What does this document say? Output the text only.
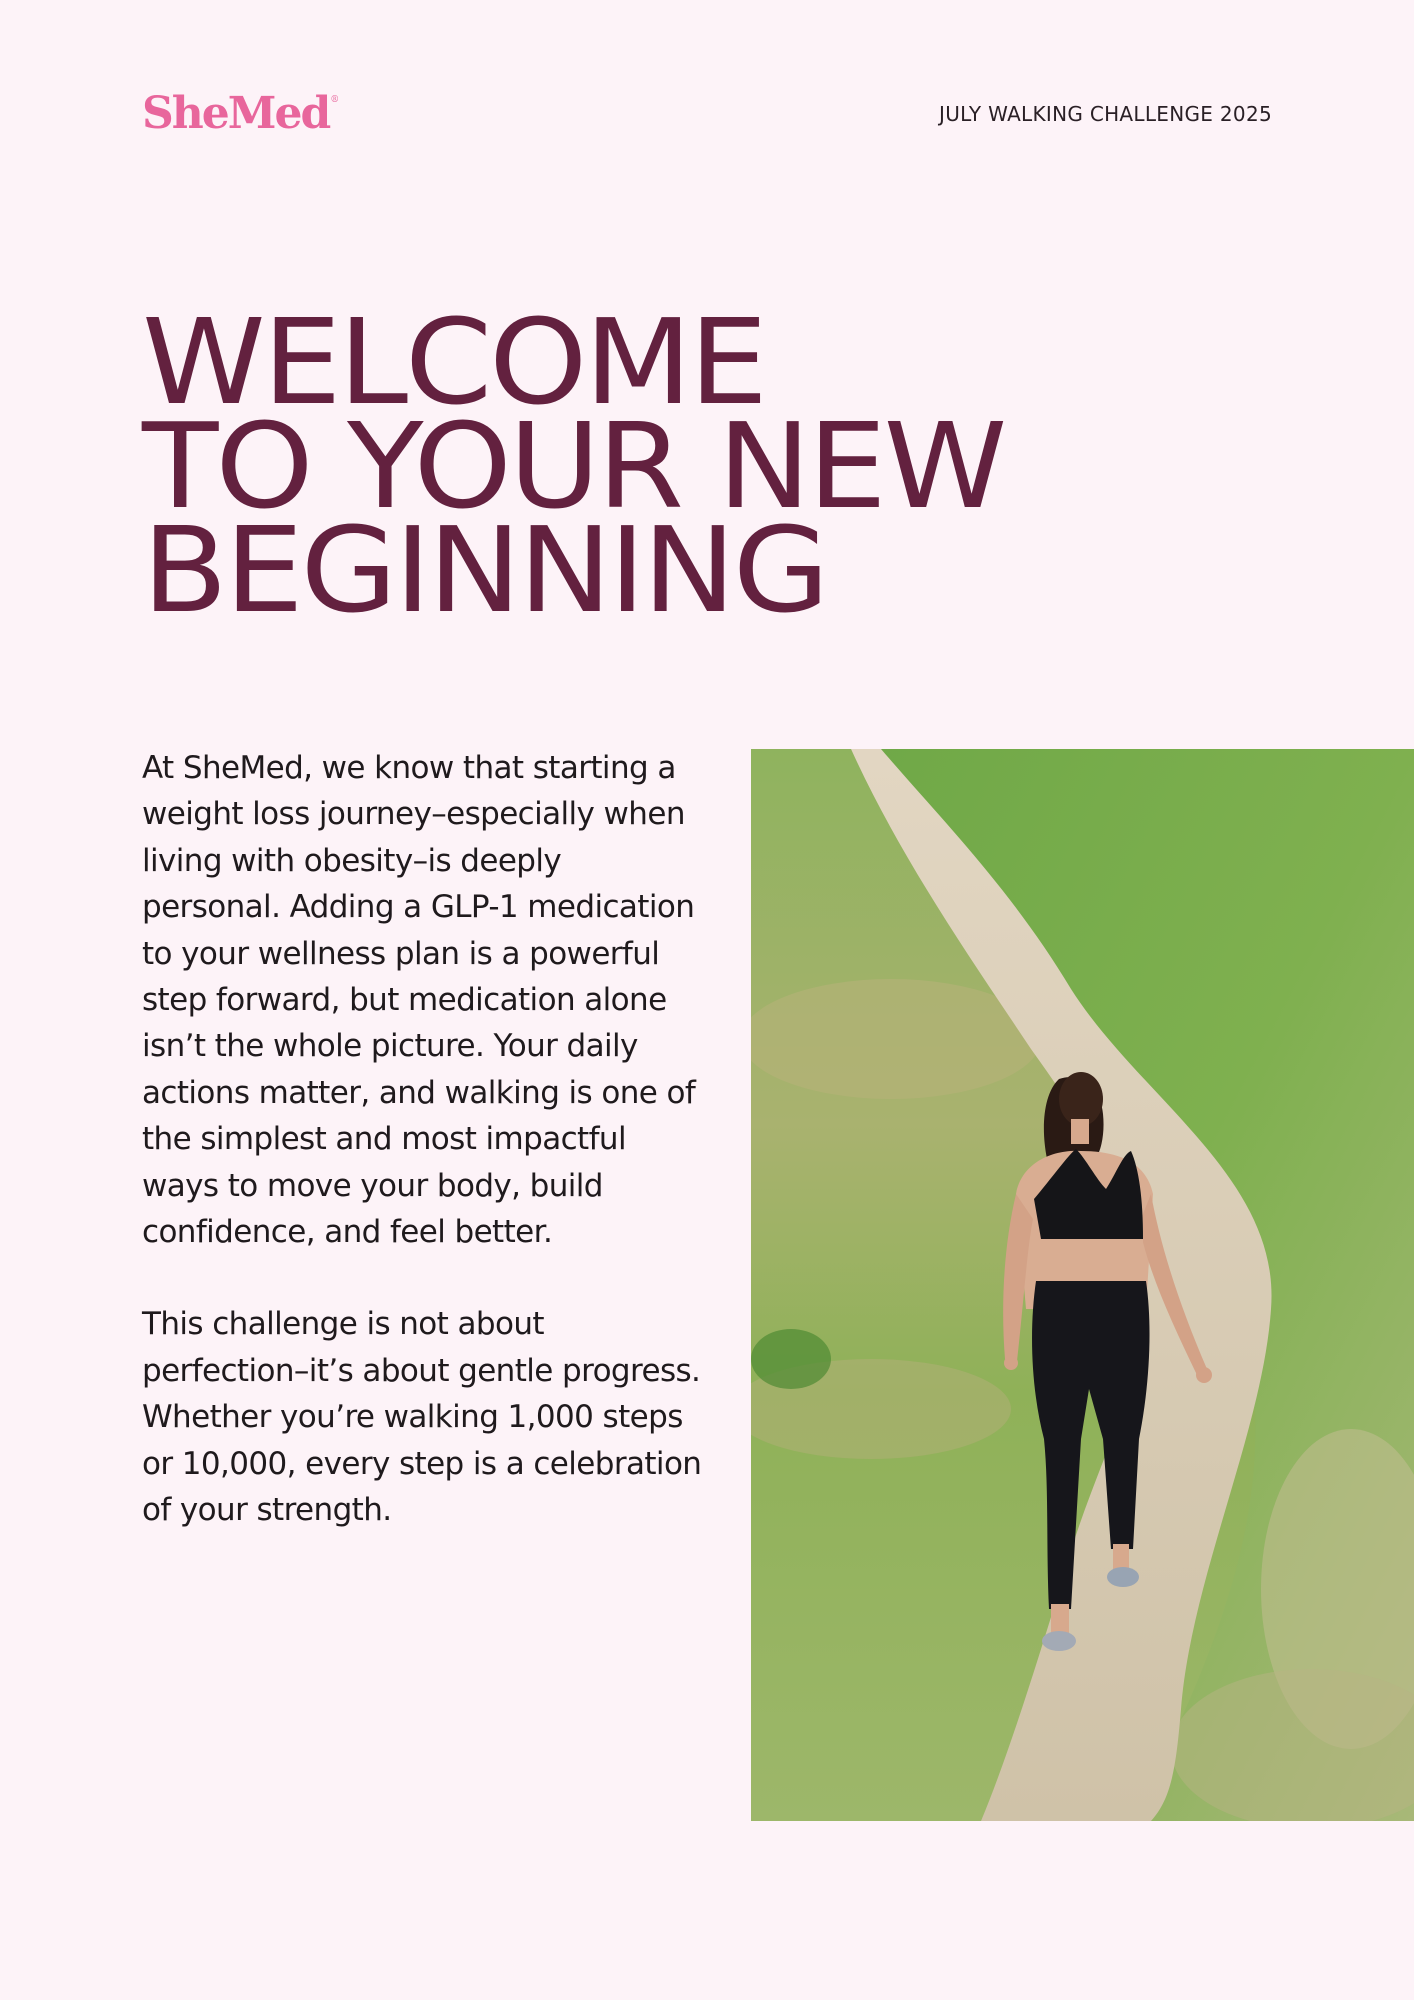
SheMed®
JULY WALKING CHALLENGE 2025
WELCOME
TO YOUR NEW
BEGINNING

At SheMed, we know that starting a weight loss journey–especially when living with obesity–is deeply personal. Adding a GLP-1 medication to your wellness plan is a powerful step forward, but medication alone isn’t the whole picture. Your daily actions matter, and walking is one of the simplest and most impactful ways to move your body, build confidence, and feel better.

This challenge is not about perfection–it’s about gentle progress. Whether you’re walking 1,000 steps or 10,000, every step is a celebration of your strength.
